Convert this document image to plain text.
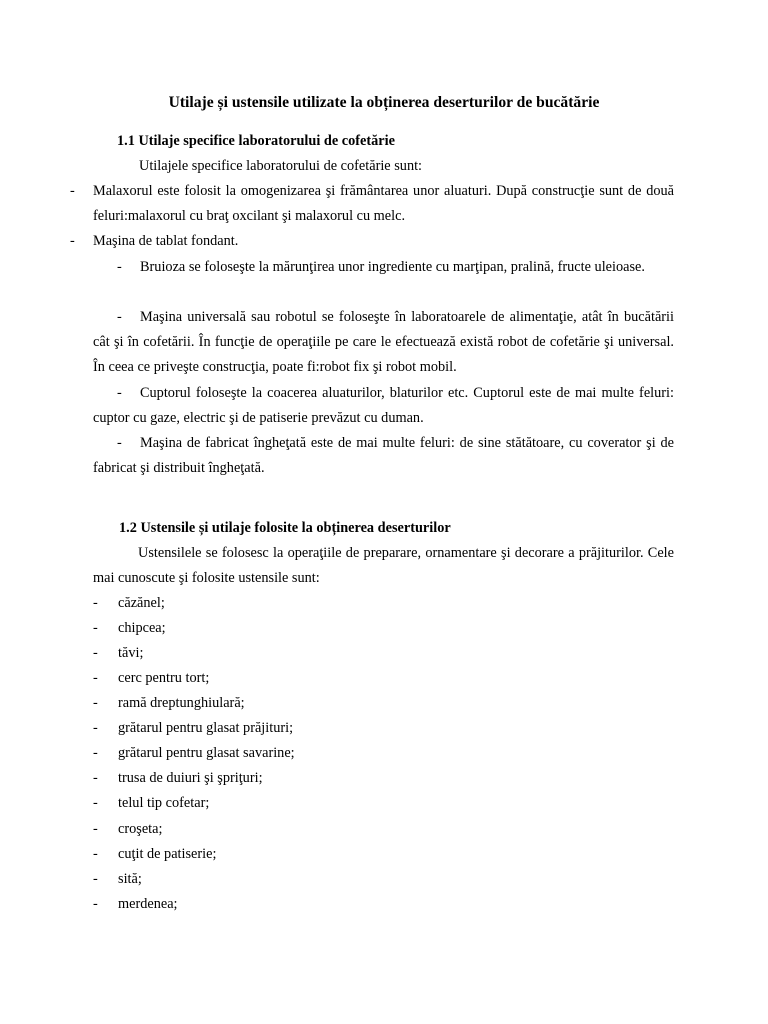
Utilaje și ustensile utilizate la obținerea deserturilor de bucătărie
1.1 Utilaje specifice laboratorului de cofetărie
Utilajele specifice laboratorului de cofetărie sunt:
- Malaxorul este folosit la omogenizarea şi frământarea unor aluaturi. După construcţie sunt de două feluri:malaxorul cu braţ oxcilant şi malaxorul cu melc.
- Maşina de tablat fondant.
-	Bruioza se foloseşte la mărunţirea unor ingrediente cu marţipan, pralină, fructe uleioase.
-	Maşina universală sau robotul se foloseşte în laboratoarele de alimentaţie, atât în bucătării cât şi în cofetării. În funcţie de operaţiile pe care le efectuează există robot de cofetărie şi universal. În ceea ce priveşte construcţia, poate fi:robot fix şi robot mobil.
-	Cuptorul foloseşte la coacerea aluaturilor, blaturilor etc. Cuptorul este de mai multe feluri: cuptor cu gaze, electric şi de patiserie prevăzut cu duman.
-	Maşina de fabricat îngheţată este de mai multe feluri: de sine stătătoare, cu coverator şi de fabricat şi distribuit îngheţată.
1.2 Ustensile și utilaje folosite la obținerea deserturilor
Ustensilele se folosesc la operaţiile de preparare, ornamentare şi decorare a prăjiturilor. Cele mai cunoscute şi folosite ustensile sunt:
- căzănel;
- chipcea;
- tăvi;
- cerc pentru tort;
- ramă dreptunghiulară;
- grătarul pentru glasat prăjituri;
- grătarul pentru glasat savarine;
- trusa de duiuri şi şpriţuri;
- telul tip cofetar;
- croşeta;
- cuţit de patiserie;
- sită;
- merdenea;
